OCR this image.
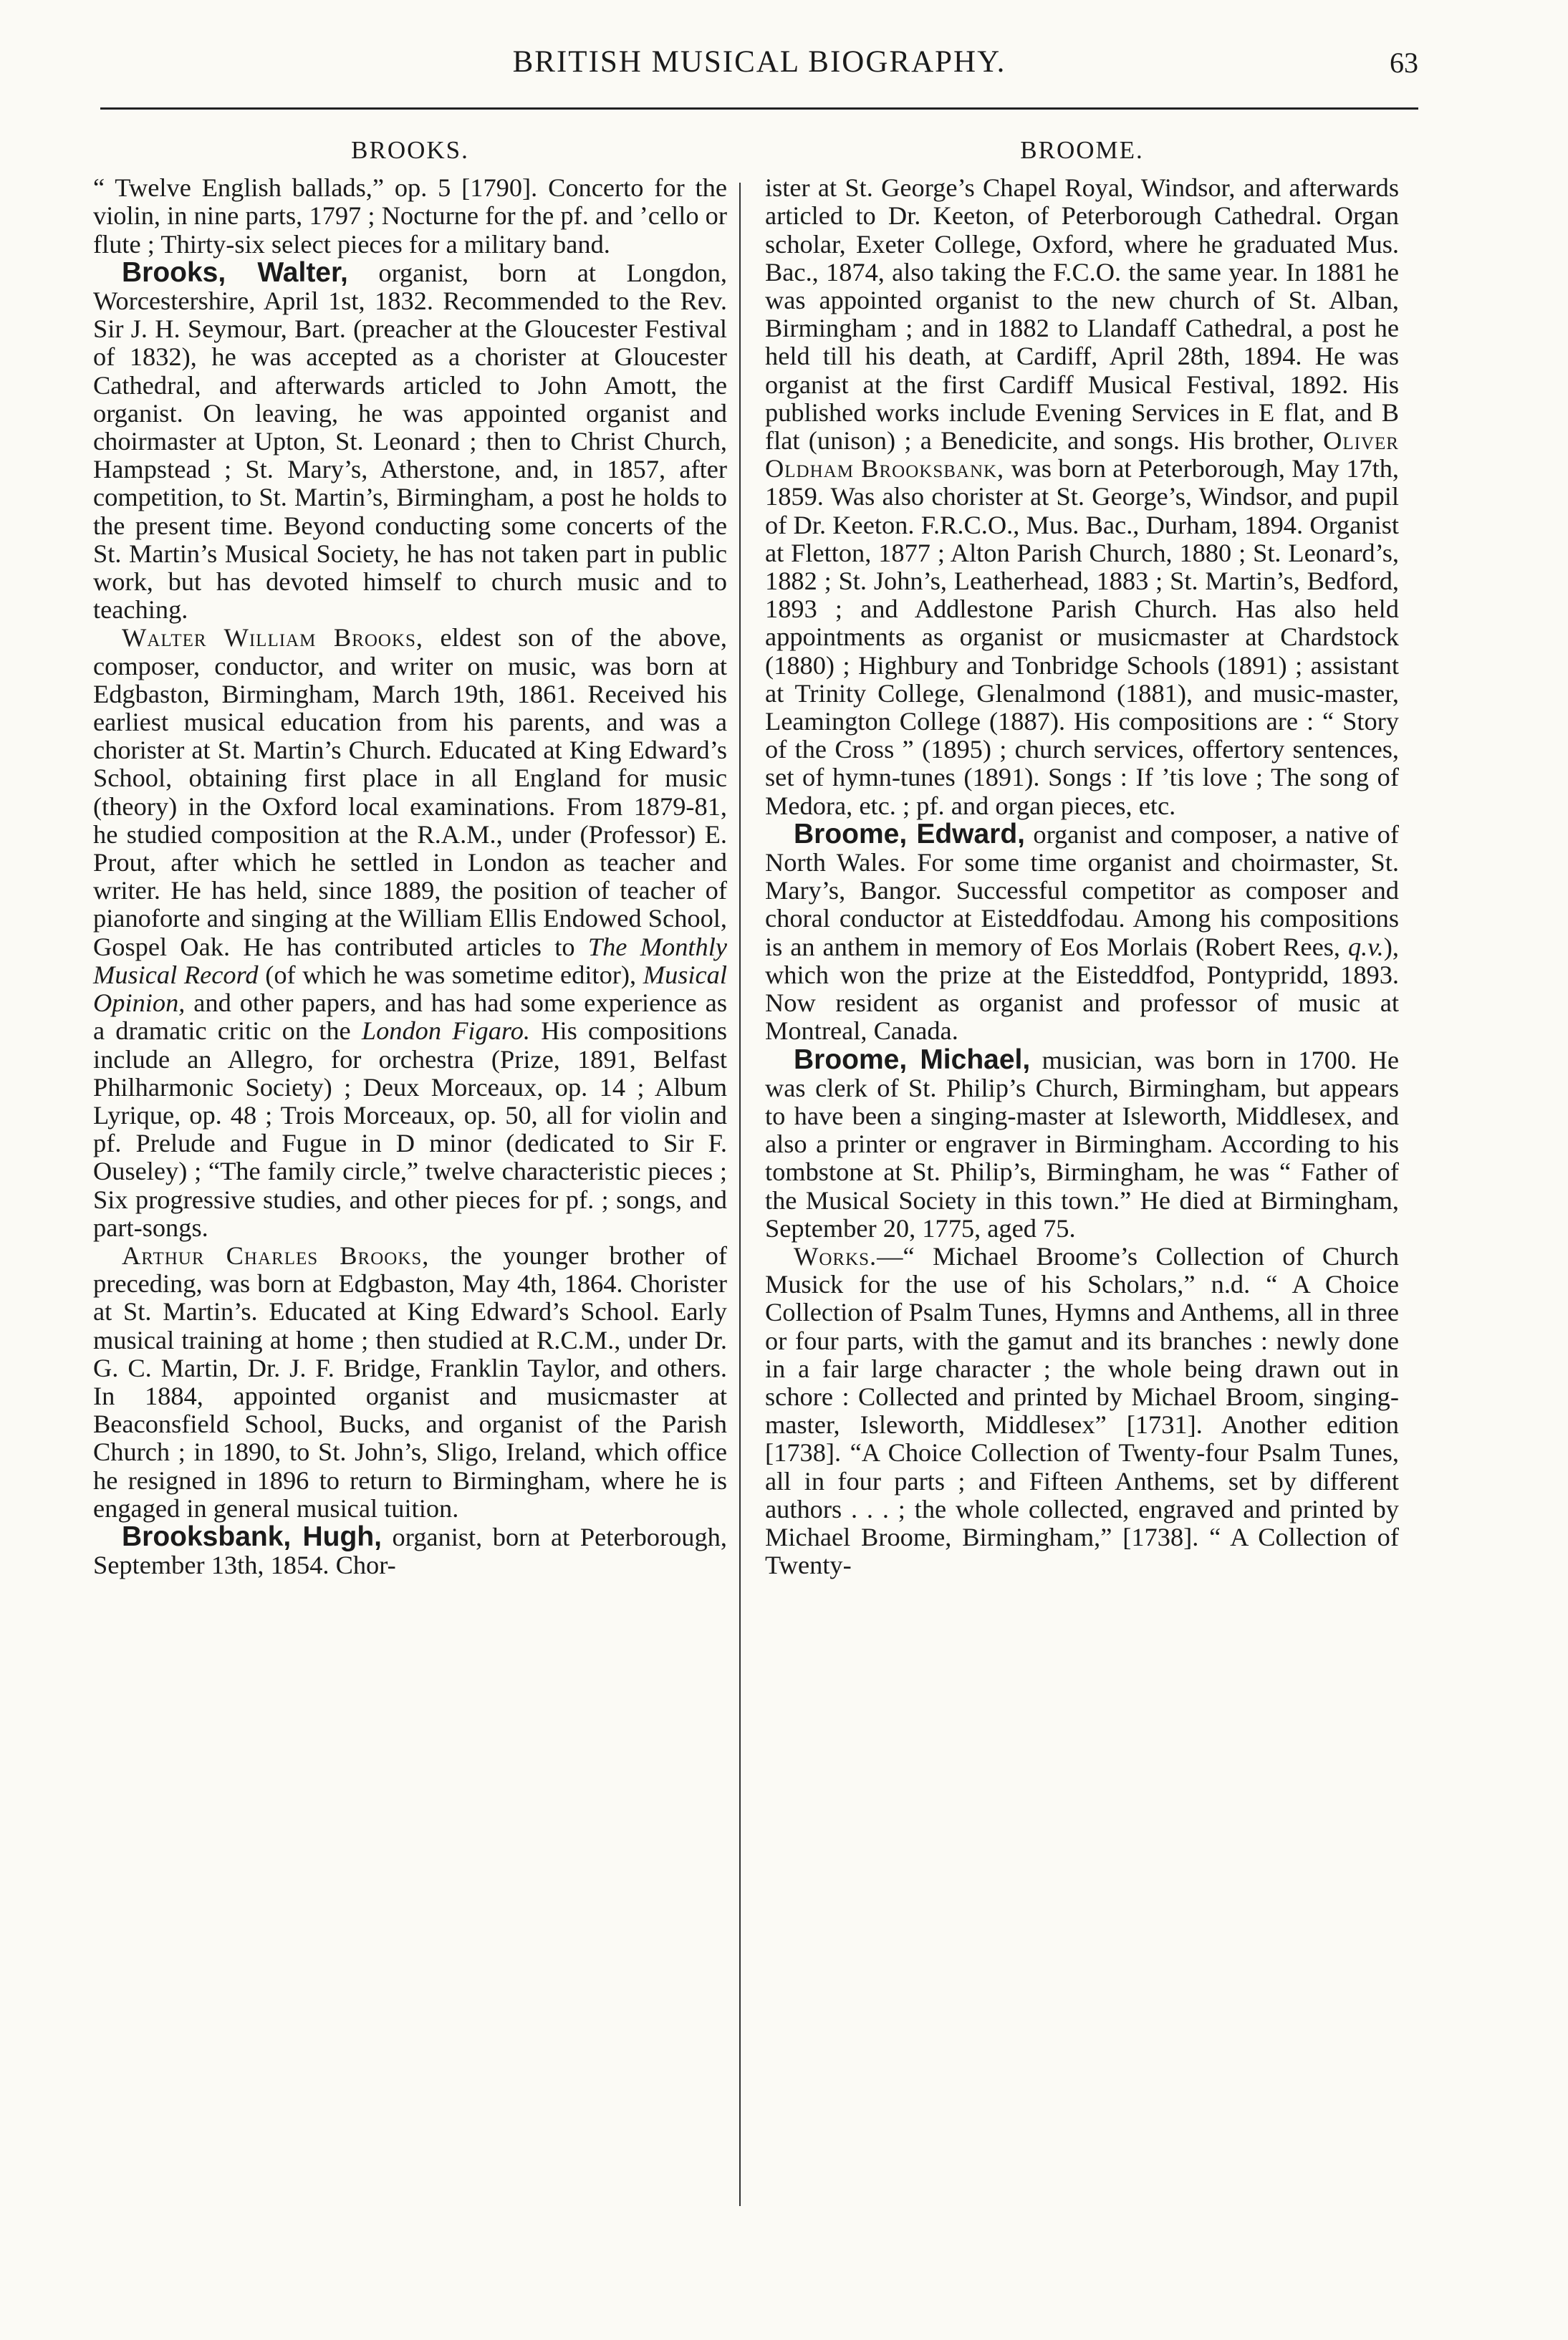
BRITISH MUSICAL BIOGRAPHY.	63
BROOKS.

“ Twelve English ballads,” op. 5 [1790]. Concerto for the violin, in nine parts, 1797 ; Nocturne for the pf. and ’cello or flute ; Thirty-six select pieces for a military band.

Brooks, Walter, organist, born at Longdon, Worcestershire, April 1st, 1832. Recommended to the Rev. Sir J. H. Seymour, Bart. (preacher at the Gloucester Festival of 1832), he was accepted as a chorister at Gloucester Cathedral, and afterwards articled to John Amott, the organist. On leaving, he was appointed organist and choirmaster at Upton, St. Leonard ; then to Christ Church, Hampstead ; St. Mary’s, Atherstone, and, in 1857, after competition, to St. Martin’s, Birmingham, a post he holds to the present time. Beyond conducting some concerts of the St. Martin’s Musical Society, he has not taken part in public work, but has devoted himself to church music and to teaching.

Walter William Brooks, eldest son of the above, composer, conductor, and writer on music, was born at Edgbaston, Birmingham, March 19th, 1861. Received his earliest musical education from his parents, and was a chorister at St. Martin’s Church. Educated at King Edward’s School, obtaining first place in all England for music (theory) in the Oxford local examinations. From 1879-81, he studied composition at the R.A.M., under (Professor) E. Prout, after which he settled in London as teacher and writer. He has held, since 1889, the position of teacher of pianoforte and singing at the William Ellis Endowed School, Gospel Oak. He has contributed articles to The Monthly Musical Record (of which he was sometime editor), Musical Opinion, and other papers, and has had some experience as a dramatic critic on the London Figaro. His compositions include an Allegro, for orchestra (Prize, 1891, Belfast Philharmonic Society) ; Deux Morceaux, op. 14 ; Album Lyrique, op. 48 ; Trois Morceaux, op. 50, all for violin and pf. Prelude and Fugue in D minor (dedicated to Sir F. Ouseley) ; “The family circle,” twelve characteristic pieces ; Six progressive studies, and other pieces for pf. ; songs, and part-songs.

Arthur Charles Brooks, the younger brother of preceding, was born at Edgbaston, May 4th, 1864. Chorister at St. Martin’s. Educated at King Edward’s School. Early musical training at home ; then studied at R.C.M., under Dr. G. C. Martin, Dr. J. F. Bridge, Franklin Taylor, and others. In 1884, appointed organist and musicmaster at Beaconsfield School, Bucks, and organist of the Parish Church ; in 1890, to St. John’s, Sligo, Ireland, which office he resigned in 1896 to return to Birmingham, where he is engaged in general musical tuition.

Brooksbank, Hugh, organist, born at Peterborough, September 13th, 1854. Chor-

BROOME.

ister at St. George’s Chapel Royal, Windsor, and afterwards articled to Dr. Keeton, of Peterborough Cathedral. Organ scholar, Exeter College, Oxford, where he graduated Mus. Bac., 1874, also taking the F.C.O. the same year. In 1881 he was appointed organist to the new church of St. Alban, Birmingham ; and in 1882 to Llandaff Cathedral, a post he held till his death, at Cardiff, April 28th, 1894. He was organist at the first Cardiff Musical Festival, 1892. His published works include Evening Services in E flat, and B flat (unison) ; a Benedicite, and songs. His brother, Oliver Oldham Brooksbank, was born at Peterborough, May 17th, 1859. Was also chorister at St. George’s, Windsor, and pupil of Dr. Keeton. F.R.C.O., Mus. Bac., Durham, 1894. Organist at Fletton, 1877 ; Alton Parish Church, 1880 ; St. Leonard’s, 1882 ; St. John’s, Leatherhead, 1883 ; St. Martin’s, Bedford, 1893 ; and Addlestone Parish Church. Has also held appointments as organist or musicmaster at Chardstock (1880) ; Highbury and Tonbridge Schools (1891) ; assistant at Trinity College, Glenalmond (1881), and music-master, Leamington College (1887). His compositions are : “ Story of the Cross ” (1895) ; church services, offertory sentences, set of hymn-tunes (1891). Songs : If ’tis love ; The song of Medora, etc. ; pf. and organ pieces, etc.

Broome, Edward, organist and composer, a native of North Wales. For some time organist and choirmaster, St. Mary’s, Bangor. Successful competitor as composer and choral conductor at Eisteddfodau. Among his compositions is an anthem in memory of Eos Morlais (Robert Rees, q.v.), which won the prize at the Eisteddfod, Pontypridd, 1893. Now resident as organist and professor of music at Montreal, Canada.

Broome, Michael, musician, was born in 1700. He was clerk of St. Philip’s Church, Birmingham, but appears to have been a singing-master at Isleworth, Middlesex, and also a printer or engraver in Birmingham. According to his tombstone at St. Philip’s, Birmingham, he was “ Father of the Musical Society in this town.” He died at Birmingham, September 20, 1775, aged 75.

Works.—“ Michael Broome’s Collection of Church Musick for the use of his Scholars,” n.d. “ A Choice Collection of Psalm Tunes, Hymns and Anthems, all in three or four parts, with the gamut and its branches : newly done in a fair large character ; the whole being drawn out in schore : Collected and printed by Michael Broom, singing-master, Isleworth, Middlesex” [1731]. Another edition [1738]. “A Choice Collection of Twenty-four Psalm Tunes, all in four parts ; and Fifteen Anthems, set by different authors . . . ; the whole collected, engraved and printed by Michael Broome, Birmingham,” [1738]. “ A Collection of Twenty-
